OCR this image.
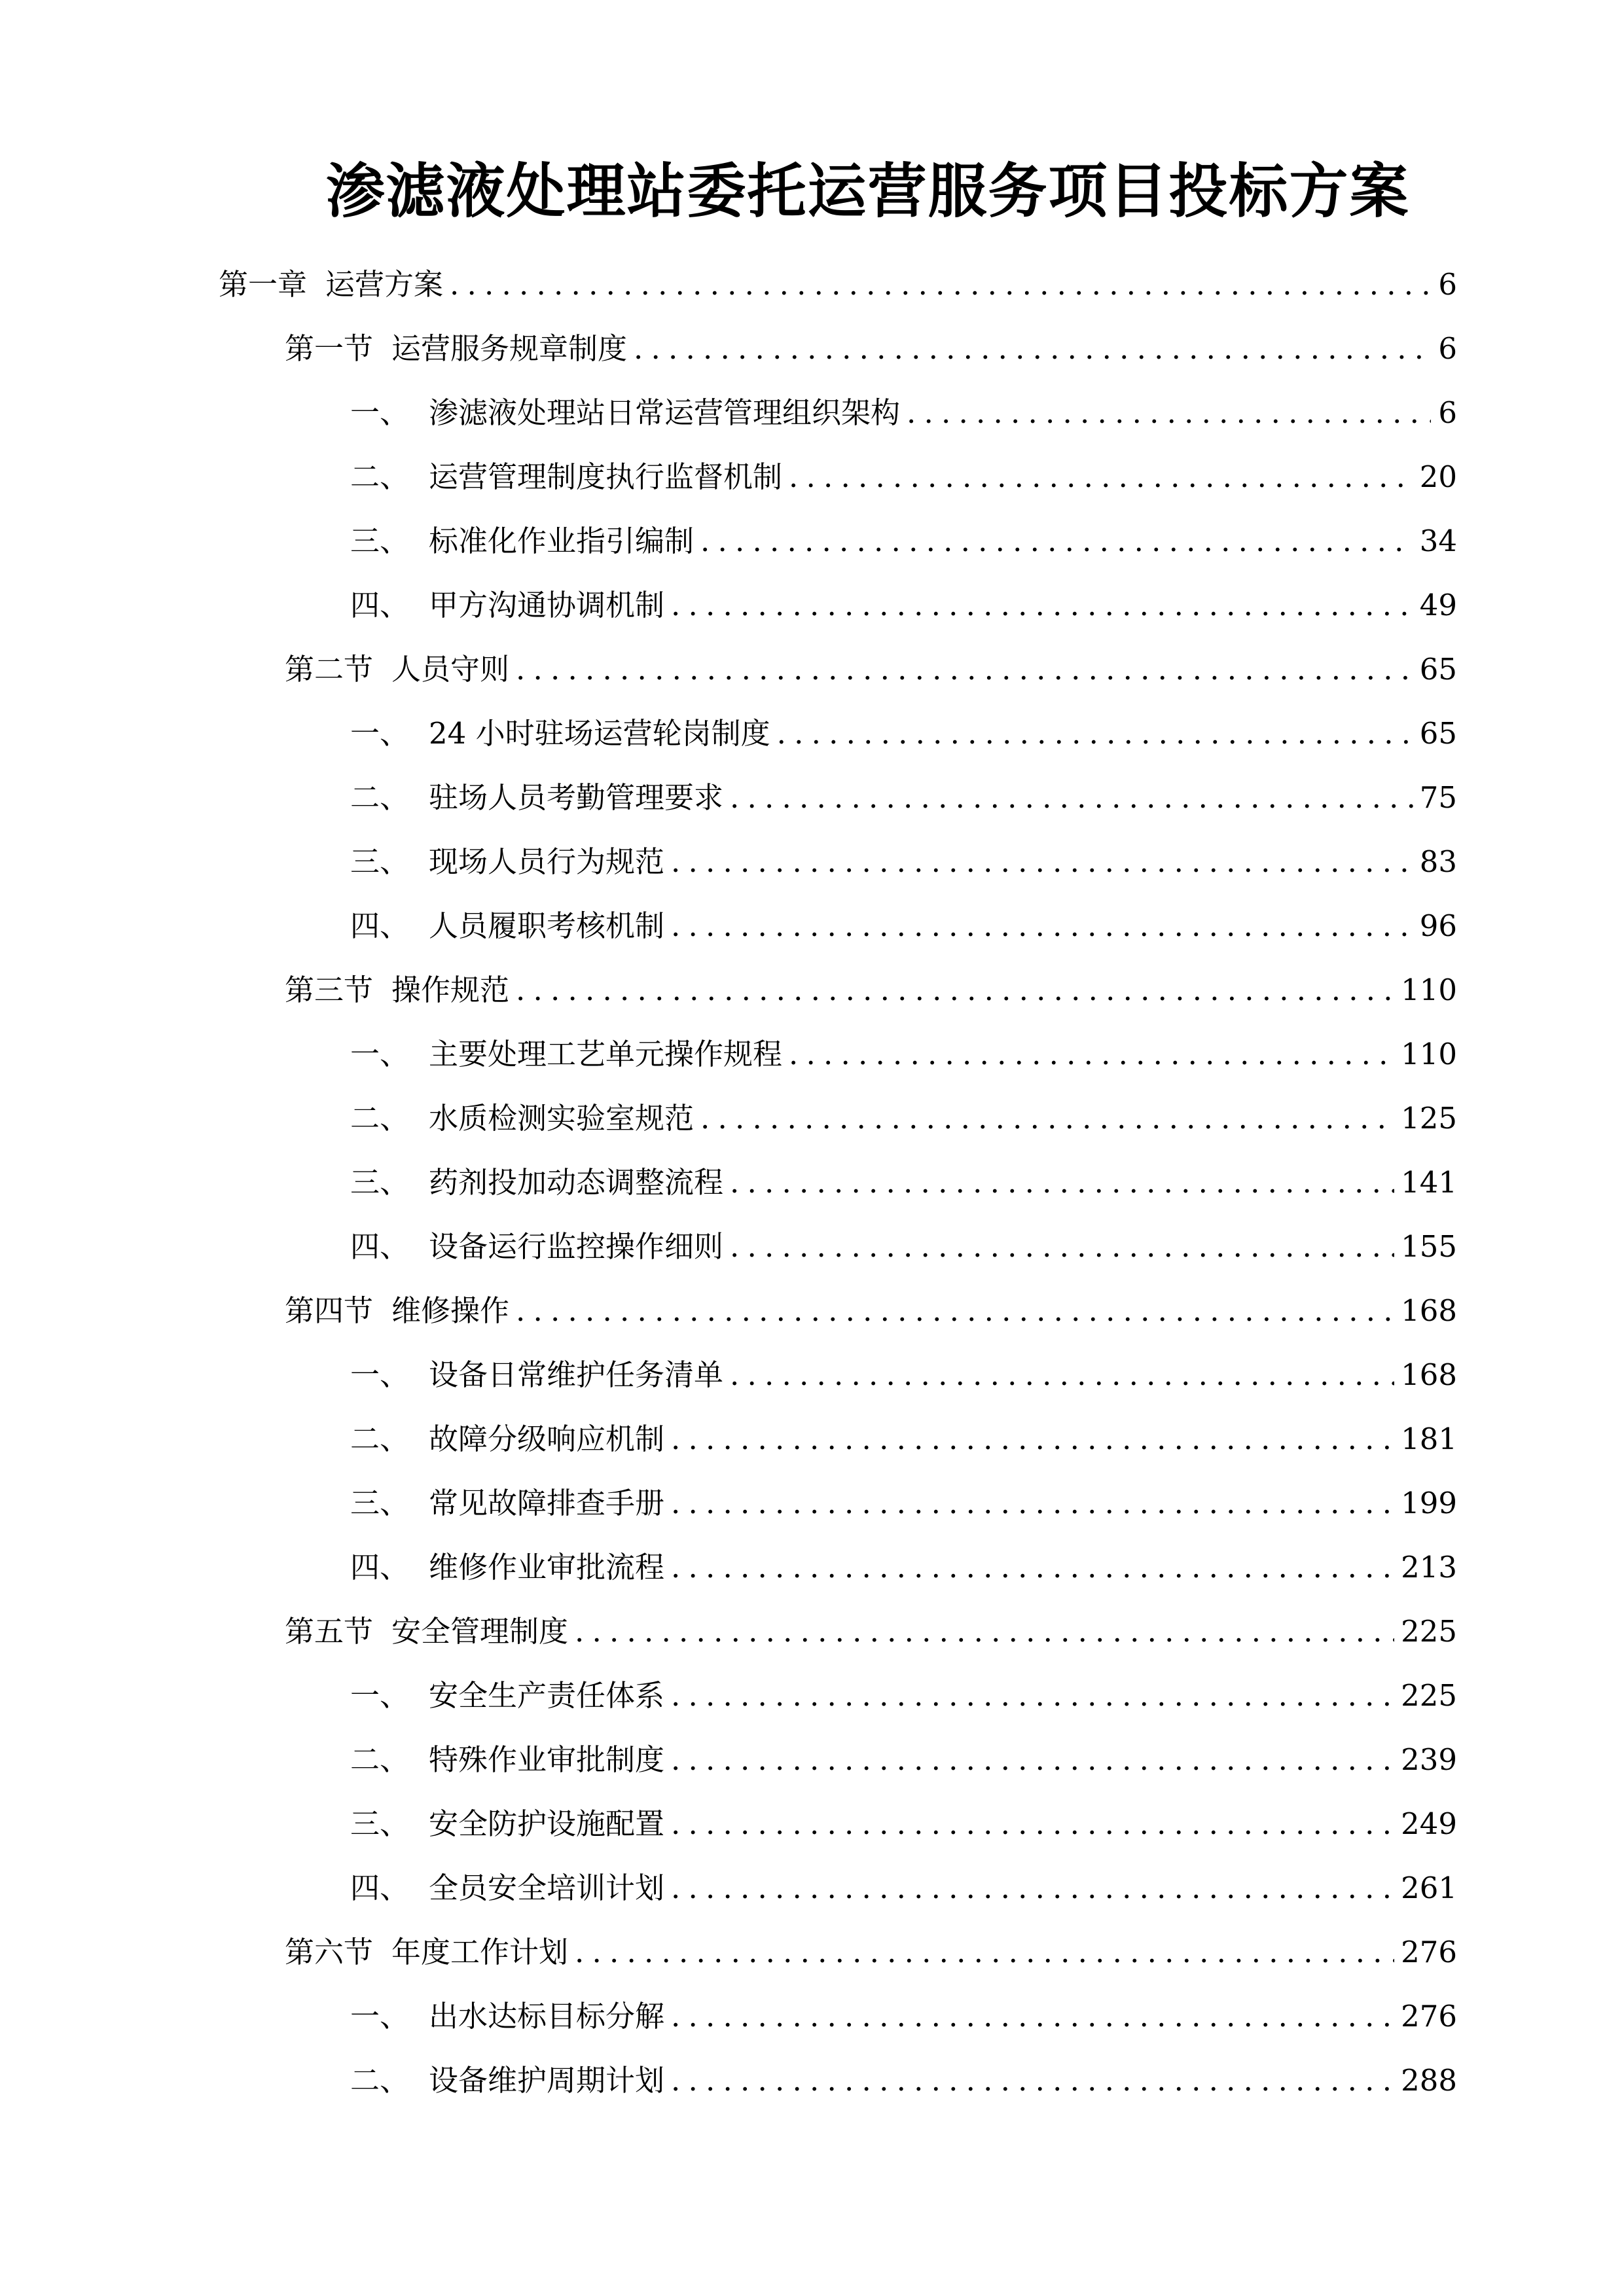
渗滤液处理站委托运营服务项目投标方案
第一章 运营方案 .....	6
第一节 运营服务规章制度 .....	6
一、 渗滤液处理站日常运营管理组织架构 .....	6
二、 运营管理制度执行监督机制 .....	20
三、 标准化作业指引编制 .....	34
四、 甲方沟通协调机制 .....	49
第二节 人员守则 .....	65
一、 24 小时驻场运营轮岗制度 .....	65
二、 驻场人员考勤管理要求 .....	75
三、 现场人员行为规范 .....	83
四、 人员履职考核机制 .....	96
第三节 操作规范 .....	110
一、 主要处理工艺单元操作规程 .....	110
二、 水质检测实验室规范 .....	125
三、 药剂投加动态调整流程 .....	141
四、 设备运行监控操作细则 .....	155
第四节 维修操作 .....	168
一、 设备日常维护任务清单 .....	168
二、 故障分级响应机制 .....	181
三、 常见故障排查手册 .....	199
四、 维修作业审批流程 .....	213
第五节 安全管理制度 .....	225
一、 安全生产责任体系 .....	225
二、 特殊作业审批制度 .....	239
三、 安全防护设施配置 .....	249
四、 全员安全培训计划 .....	261
第六节 年度工作计划 .....	276
一、 出水达标目标分解 .....	276
二、 设备维护周期计划 .....	288
